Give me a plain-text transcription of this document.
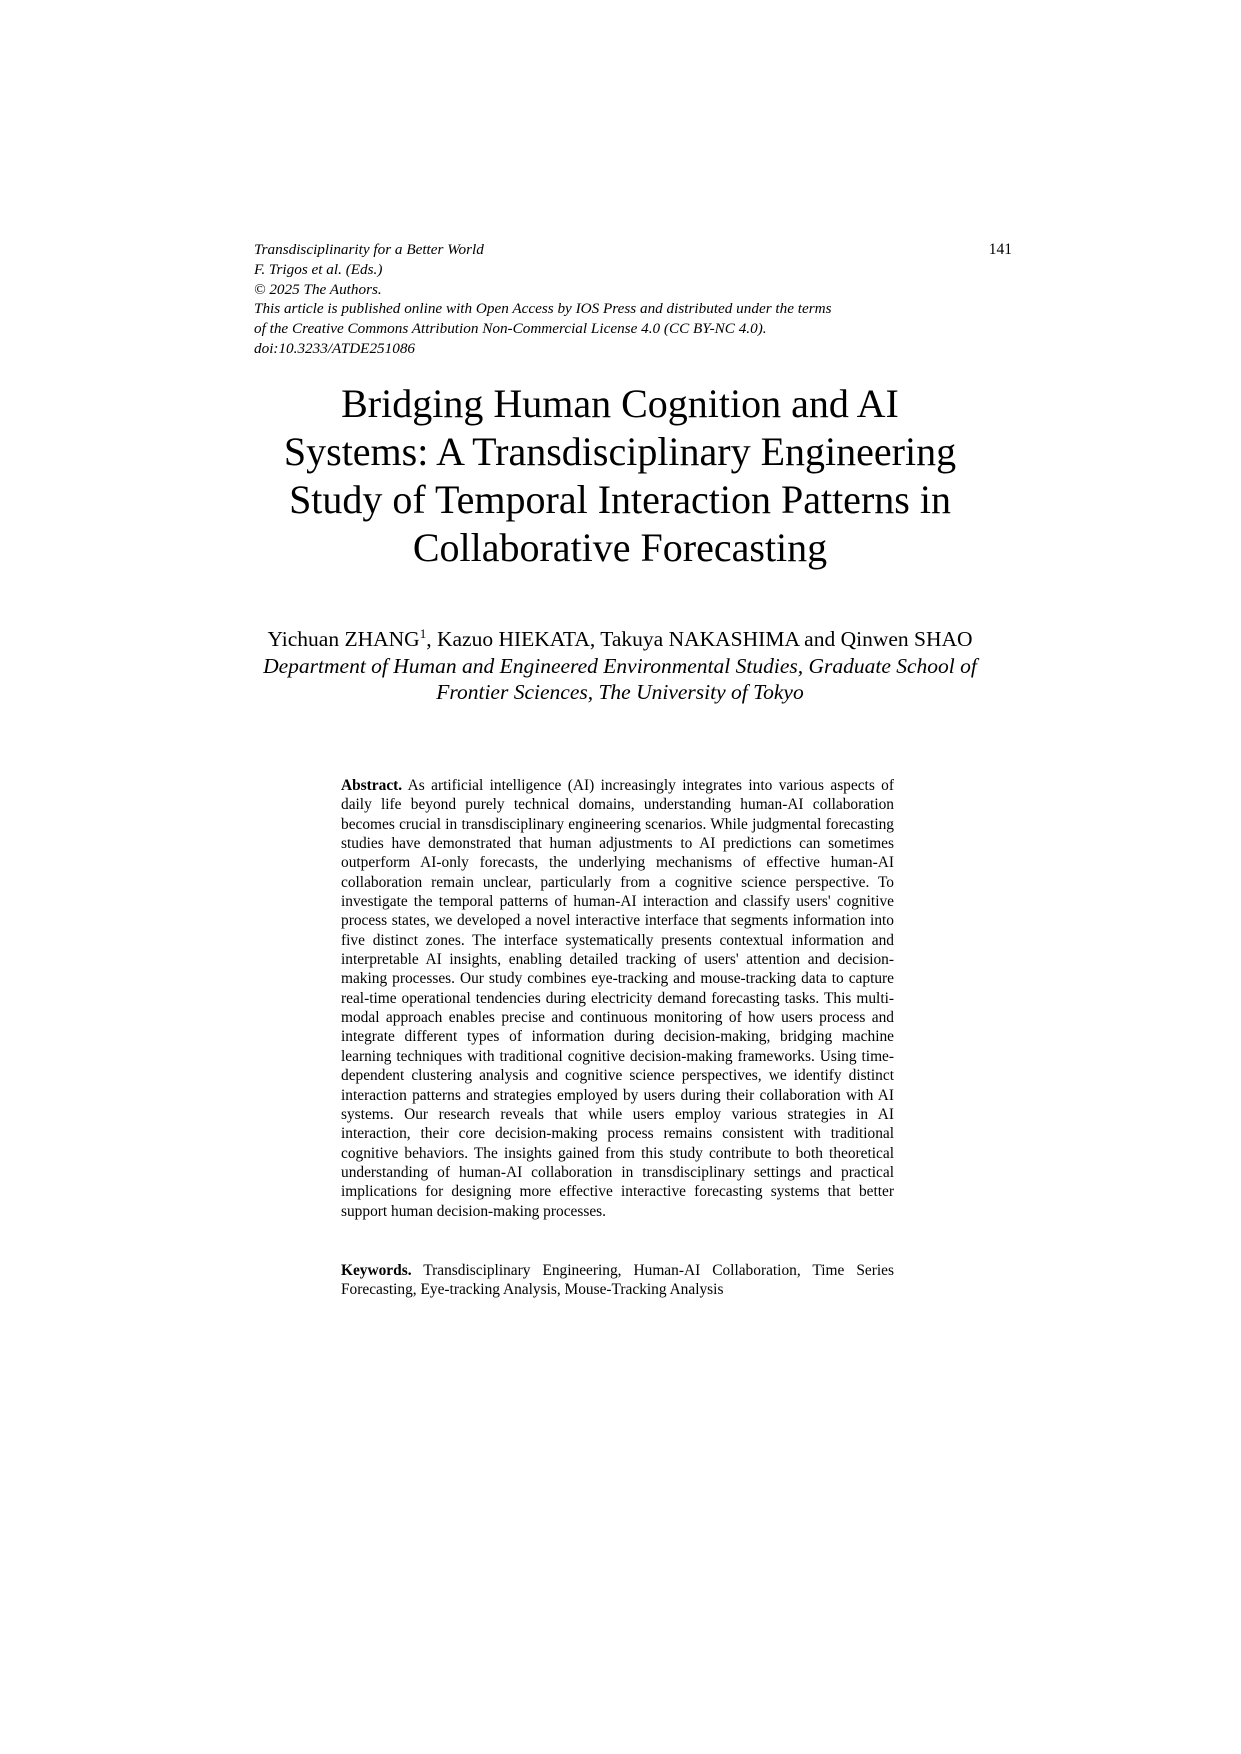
Transdisciplinarity for a Better World
F. Trigos et al. (Eds.)
© 2025 The Authors.
This article is published online with Open Access by IOS Press and distributed under the terms
of the Creative Commons Attribution Non-Commercial License 4.0 (CC BY-NC 4.0).
doi:10.3233/ATDE251086
141
Bridging Human Cognition and AI
Systems: A Transdisciplinary Engineering
Study of Temporal Interaction Patterns in
Collaborative Forecasting
Yichuan ZHANG$^1$, Kazuo HIEKATA, Takuya NAKASHIMA and Qinwen SHAO
Department of Human and Engineered Environmental Studies, Graduate School of
Frontier Sciences, The University of Tokyo
Abstract. As artificial intelligence (AI) increasingly integrates into various aspects of daily life beyond purely technical domains, understanding human-AI collaboration becomes crucial in transdisciplinary engineering scenarios. While judgmental forecasting studies have demonstrated that human adjustments to AI predictions can sometimes outperform AI-only forecasts, the underlying mechanisms of effective human-AI collaboration remain unclear, particularly from a cognitive science perspective. To investigate the temporal patterns of human-AI interaction and classify users' cognitive process states, we developed a novel interactive interface that segments information into five distinct zones. The interface systematically presents contextual information and interpretable AI insights, enabling detailed tracking of users' attention and decision-making processes. Our study combines eye-tracking and mouse-tracking data to capture real-time operational tendencies during electricity demand forecasting tasks. This multi-modal approach enables precise and continuous monitoring of how users process and integrate different types of information during decision-making, bridging machine learning techniques with traditional cognitive decision-making frameworks. Using time-dependent clustering analysis and cognitive science perspectives, we identify distinct interaction patterns and strategies employed by users during their collaboration with AI systems. Our research reveals that while users employ various strategies in AI interaction, their core decision-making process remains consistent with traditional cognitive behaviors. The insights gained from this study contribute to both theoretical understanding of human-AI collaboration in transdisciplinary settings and practical implications for designing more effective interactive forecasting systems that better support human decision-making processes.
Keywords. Transdisciplinary Engineering, Human-AI Collaboration, Time Series Forecasting, Eye-tracking Analysis, Mouse-Tracking Analysis
